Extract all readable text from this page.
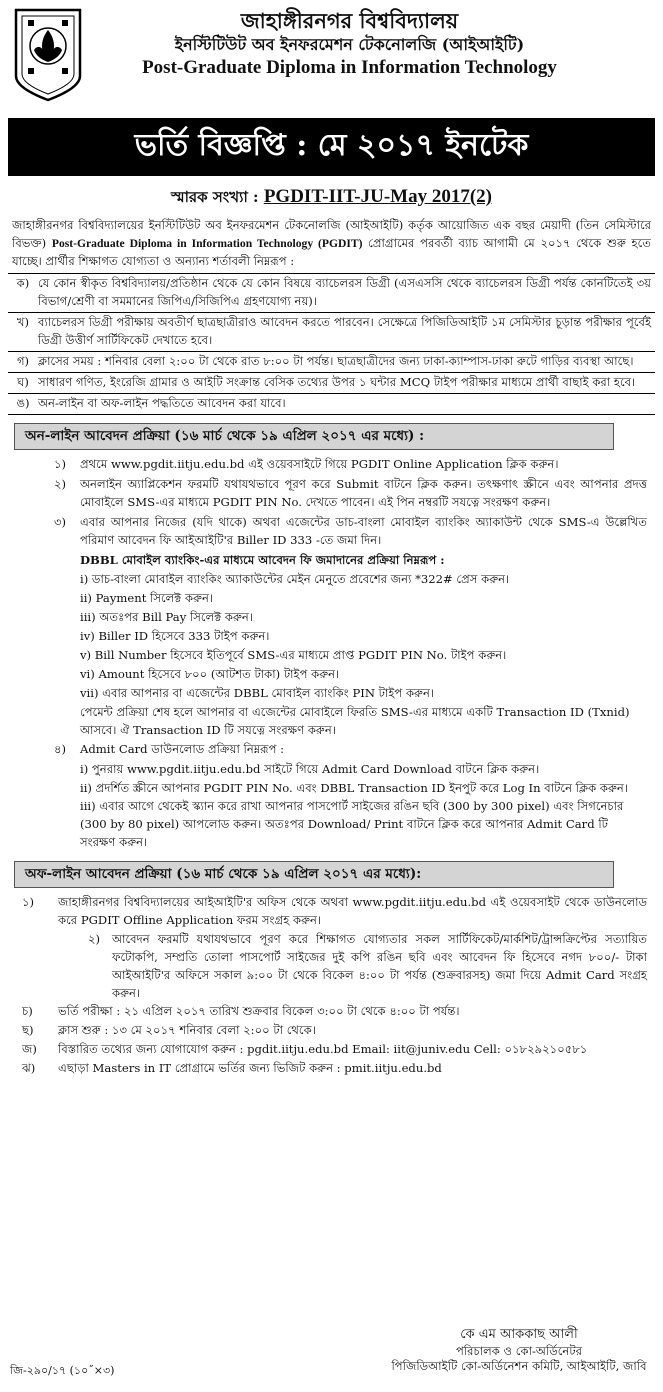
জাহাঙ্গীরনগর বিশ্ববিদ্যালয়
ইনস্টিটিউট অব ইনফরমেশন টেকনোলজি (আইআইটি)
Post-Graduate Diploma in Information Technology
ভর্তি বিজ্ঞপ্তি : মে ২০১৭ ইনটেক
স্মারক সংখ্যা : PGDIT-IIT-JU-May 2017(2)
জাহাঙ্গীরনগর বিশ্ববিদ্যালয়ের ইনস্টিটিউট অব ইনফরমেশন টেকনোলজি (আইআইটি) কর্তৃক আয়োজিত এক বছর মেয়াদী (তিন সেমিস্টারে বিভক্ত) Post-Graduate Diploma in Information Technology (PGDIT) প্রোগ্রামের পরবর্তী ব্যাচ আগামী মে ২০১৭ থেকে শুরু হতে যাচ্ছে। প্রার্থীর শিক্ষাগত যোগ্যতা ও অন্যান্য শর্তাবলী নিম্নরূপ :
ক) যে কোন স্বীকৃত বিশ্ববিদ্যালয়/প্রতিষ্ঠান থেকে যে কোন বিষয়ে ব্যাচেলরস ডিগ্রী (এসএসসি থেকে ব্যাচেলরস ডিগ্রী পর্যন্ত কোনটিতেই ৩য় বিভাগ/শ্রেণী বা সমমানের জিপিএ/সিজিপিএ গ্রহণযোগ্য নয়)।
খ) ব্যাচেলরস ডিগ্রী পরীক্ষায় অবতীর্ণ ছাত্রছাত্রীরাও আবেদন করতে পারবেন। সেক্ষেত্রে পিজিডিআইটি ১ম সেমিস্টার চূড়ান্ত পরীক্ষার পূর্বেই ডিগ্রী উত্তীর্ণ সার্টিফিকেট দেখাতে হবে।
গ) ক্লাসের সময় : শনিবার বেলা ২:০০ টা থেকে রাত ৮:০০ টা পর্যন্ত। ছাত্রছাত্রীদের জন্য ঢাকা-ক্যাম্পাস-ঢাকা রুটে গাড়ির ব্যবস্থা আছে।
ঘ) সাধারণ গণিত, ইংরেজি গ্রামার ও আইটি সংক্রান্ত বেসিক তথ্যের উপর ১ ঘন্টার MCQ টাইপ পরীক্ষার মাধ্যমে প্রার্থী বাছাই করা হবে।
ঙ) অন-লাইন বা অফ-লাইন পদ্ধতিতে আবেদন করা যাবে।
অন-লাইন আবেদন প্রক্রিয়া (১৬ মার্চ থেকে ১৯ এপ্রিল ২০১৭ এর মধ্যে) :
১)	প্রথমে www.pgdit.iitju.edu.bd এই ওয়েবসাইটে গিয়ে PGDIT Online Application ক্লিক করুন।
২)	অনলাইন অ্যাপ্লিকেশন ফরমটি যথাযথভাবে পূরণ করে Submit বাটনে ক্লিক করুন। তৎক্ষণাৎ স্ক্রীনে এবং আপনার প্রদত্ত মোবাইলে SMS-এর মাধ্যমে PGDIT PIN No. দেখতে পাবেন। এই পিন নম্বরটি সযত্নে সংরক্ষণ করুন।
৩)	এবার আপনার নিজের (যদি থাকে) অথবা এজেন্টের ডাচ-বাংলা মোবাইল ব্যাংকিং অ্যাকাউন্ট থেকে SMS-এ উল্লেখিত পরিমাণ আবেদন ফি আইআইটি'র Biller ID 333 -তে জমা দিন।
DBBL মোবাইল ব্যাংকিং-এর মাধ্যমে আবেদন ফি জমাদানের প্রক্রিয়া নিম্নরূপ :
i) ডাচ-বাংলা মোবাইল ব্যাংকিং অ্যাকাউন্টের মেইন মেনুতে প্রবেশের জন্য *322# প্রেস করুন।
ii) Payment সিলেক্ট করুন।
iii) অতঃপর Bill Pay সিলেক্ট করুন।
iv) Biller ID হিসেবে 333 টাইপ করুন।
v) Bill Number হিসেবে ইতিপূর্বে SMS-এর মাধ্যমে প্রাপ্ত PGDIT PIN No. টাইপ করুন।
vi) Amount হিসেবে ৮০০ (আটশত টাকা) টাইপ করুন।
vii) এবার আপনার বা এজেন্টের DBBL মোবাইল ব্যাংকিং PIN টাইপ করুন।
পেমেন্ট প্রক্রিয়া শেষ হলে আপনার বা এজেন্টের মোবাইলে ফিরতি SMS-এর মাধ্যমে একটি Transaction ID (Txnid) আসবে। ঐ Transaction ID টি সযত্নে সংরক্ষণ করুন।
৪)	Admit Card ডাউনলোড প্রক্রিয়া নিম্নরূপ :
i) পুনরায় www.pgdit.iitju.edu.bd সাইটে গিয়ে Admit Card Download বাটনে ক্লিক করুন।
ii) প্রদর্শিত স্ক্রীনে আপনার PGDIT PIN No. এবং DBBL Transaction ID ইনপুট করে Log In বাটনে ক্লিক করুন।
iii) এবার আগে থেকেই স্ক্যান করে রাখা আপনার পাসপোর্ট সাইজের রঙিন ছবি (300 by 300 pixel) এবং সিগনেচার (300 by 80 pixel) আপলোড করুন। অতঃপর Download/ Print বাটনে ক্লিক করে আপনার Admit Card টি সংরক্ষণ করুন।
অফ-লাইন আবেদন প্রক্রিয়া (১৬ মার্চ থেকে ১৯ এপ্রিল ২০১৭ এর মধ্যে):
১)	জাহাঙ্গীরনগর বিশ্ববিদ্যালয়ের আইআইটি'র অফিস থেকে অথবা www.pgdit.iitju.edu.bd এই ওয়েবসাইট থেকে ডাউনলোড করে PGDIT Offline Application ফরম সংগ্রহ করুন।
২)	আবেদন ফরমটি যথাযথভাবে পূরণ করে শিক্ষাগত যোগ্যতার সকল সার্টিফিকেট/মার্কশিট/ট্রান্সক্রিপ্টের সত্যায়িত ফটোকপি, সম্প্রতি তোলা পাসপোর্ট সাইজের দুই কপি রঙিন ছবি এবং আবেদন ফি হিসেবে নগদ ৮০০/- টাকা আইআইটি'র অফিসে সকাল ৯:০০ টা থেকে বিকেল ৪:০০ টা পর্যন্ত (শুক্রবারসহ) জমা দিয়ে Admit Card সংগ্রহ করুন।
চ)	ভর্তি পরীক্ষা : ২১ এপ্রিল ২০১৭ তারিখ শুক্রবার বিকেল ৩:০০ টা থেকে ৪:০০ টা পর্যন্ত।
ছ)	ক্লাস শুরু : ১৩ মে ২০১৭ শনিবার বেলা ২:০০ টা থেকে।
জ)	বিস্তারিত তথ্যের জন্য যোগাযোগ করুন : pgdit.iitju.edu.bd Email: iit@juniv.edu Cell: ০১৮২৯২১০৫৮১
ঝ)	এছাড়া Masters in IT প্রোগ্রামে ভর্তির জন্য ভিজিট করুন : pmit.iitju.edu.bd
কে এম আককাছ আলী
পরিচালক ও কো-অর্ডিনেটর
পিজিডিআইটি কো-অর্ডিনেশন কমিটি, আইআইটি, জাবি
জি-২৯০/১৭ (১০˝×৩)
